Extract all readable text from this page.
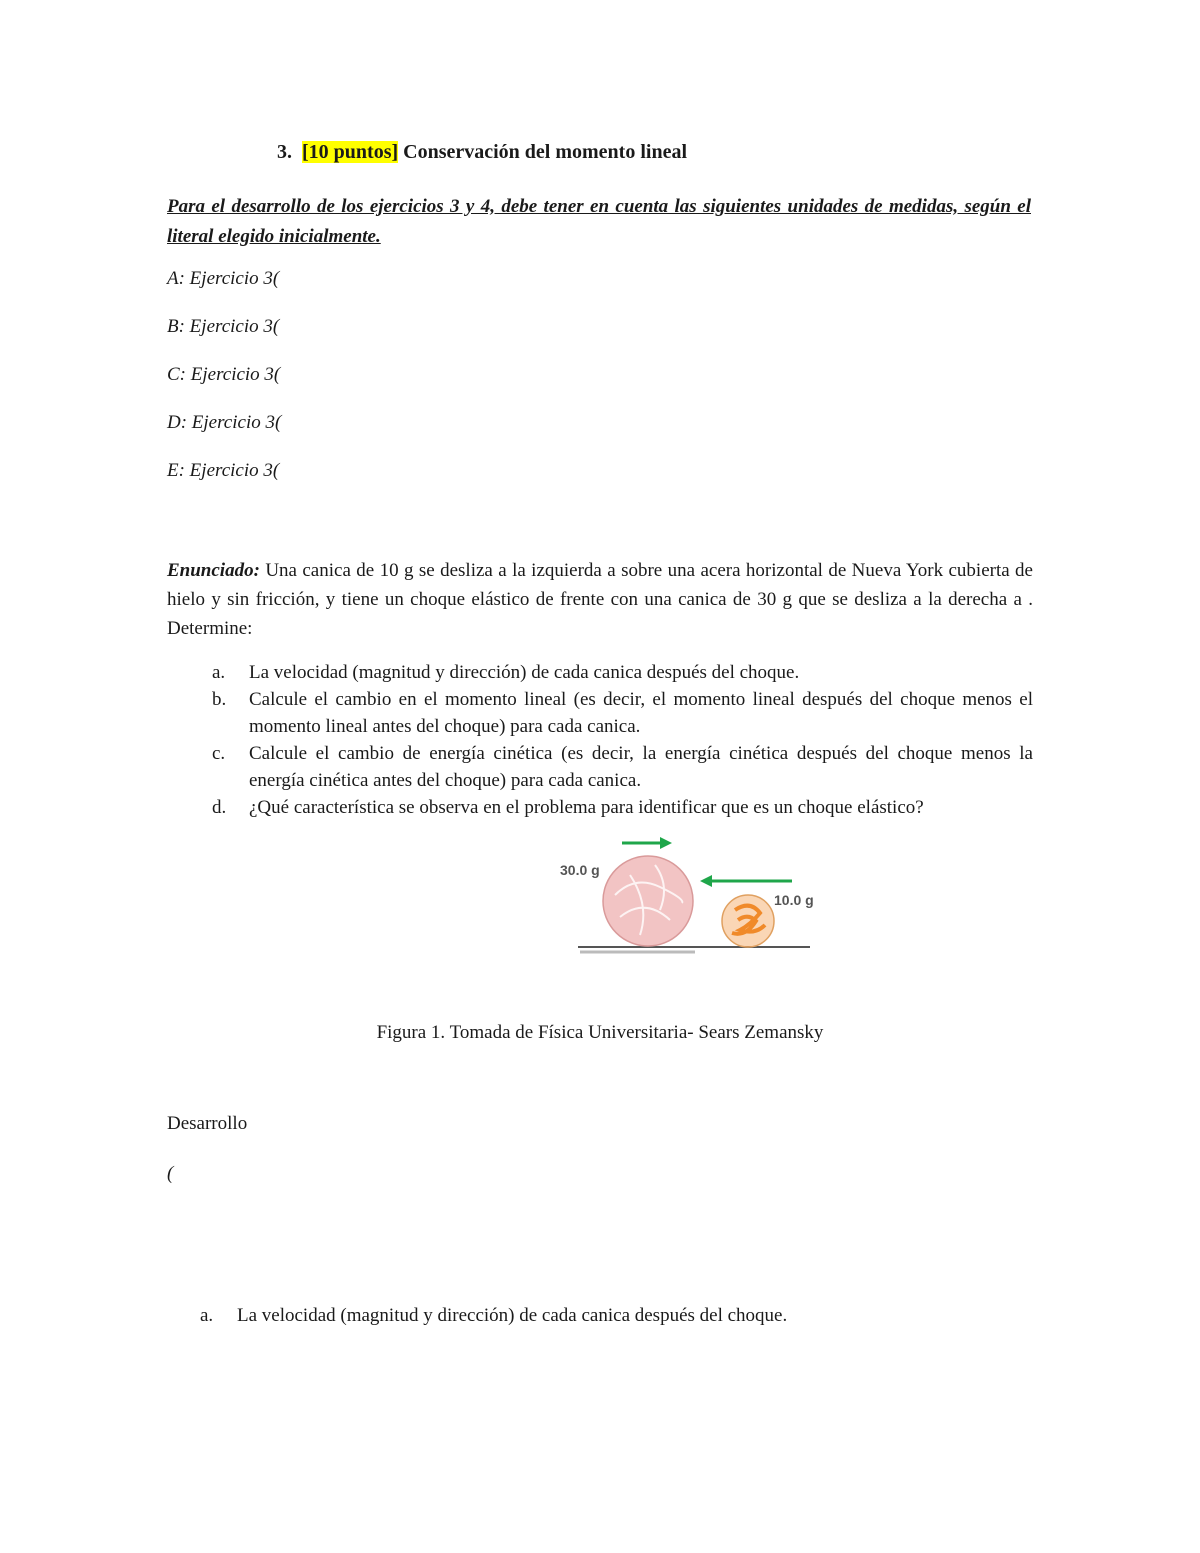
3. [10 puntos] Conservación del momento lineal
Para el desarrollo de los ejercicios 3 y 4, debe tener en cuenta las siguientes unidades de medidas, según el literal elegido inicialmente.
A: Ejercicio 3(
B: Ejercicio 3(
C: Ejercicio 3(
D: Ejercicio 3(
E: Ejercicio 3(
Enunciado: Una canica de 10 g se desliza a la izquierda a sobre una acera horizontal de Nueva York cubierta de hielo y sin fricción, y tiene un choque elástico de frente con una canica de 30 g que se desliza a la derecha a . Determine:
a. La velocidad (magnitud y dirección) de cada canica después del choque.
b. Calcule el cambio en el momento lineal (es decir, el momento lineal después del choque menos el momento lineal antes del choque) para cada canica.
c. Calcule el cambio de energía cinética (es decir, la energía cinética después del choque menos la energía cinética antes del choque) para cada canica.
d. ¿Qué característica se observa en el problema para identificar que es un choque elástico?
30.0 g
10.0 g
Figura 1. Tomada de Física Universitaria- Sears Zemansky
Desarrollo
(
a. La velocidad (magnitud y dirección) de cada canica después del choque.
